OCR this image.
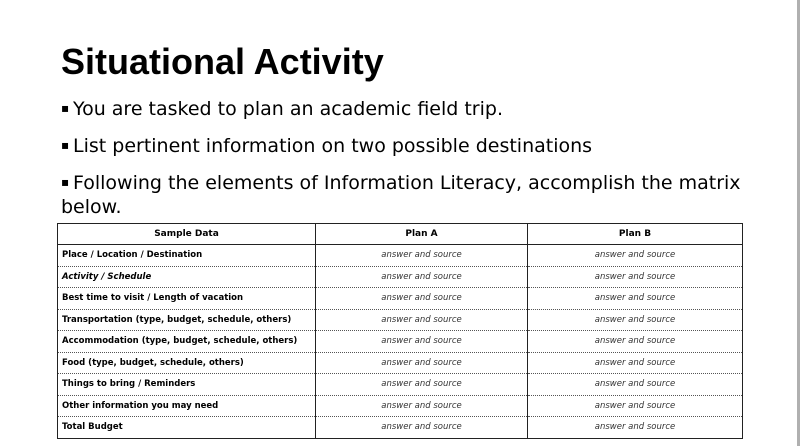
Situational Activity
▪ You are tasked to plan an academic field trip.
▪ List pertinent information on two possible destinations
▪ Following the elements of Information Literacy, accomplish the matrix below.
Sample Data	Plan A	Plan B
Place / Location / Destination	answer and source	answer and source
Activity / Schedule	answer and source	answer and source
Best time to visit / Length of vacation	answer and source	answer and source
Transportation (type, budget, schedule, others)	answer and source	answer and source
Accommodation (type, budget, schedule, others)	answer and source	answer and source
Food (type, budget, schedule, others)	answer and source	answer and source
Things to bring / Reminders	answer and source	answer and source
Other information you may need	answer and source	answer and source
Total Budget	answer and source	answer and source
